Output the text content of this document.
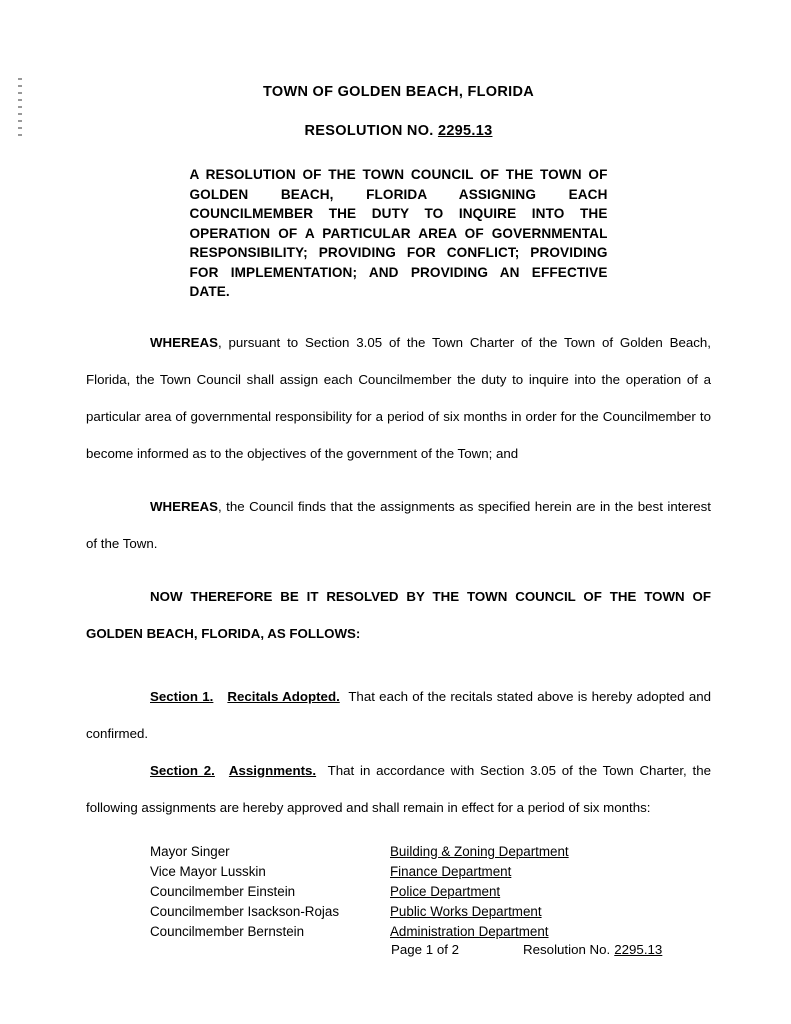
TOWN OF GOLDEN BEACH, FLORIDA
RESOLUTION NO. 2295.13
A RESOLUTION OF THE TOWN COUNCIL OF THE TOWN OF GOLDEN BEACH, FLORIDA ASSIGNING EACH COUNCILMEMBER THE DUTY TO INQUIRE INTO THE OPERATION OF A PARTICULAR AREA OF GOVERNMENTAL RESPONSIBILITY; PROVIDING FOR CONFLICT; PROVIDING FOR IMPLEMENTATION; AND PROVIDING AN EFFECTIVE DATE.

WHEREAS, pursuant to Section 3.05 of the Town Charter of the Town of Golden Beach, Florida, the Town Council shall assign each Councilmember the duty to inquire into the operation of a particular area of governmental responsibility for a period of six months in order for the Councilmember to become informed as to the objectives of the government of the Town; and

WHEREAS, the Council finds that the assignments as specified herein are in the best interest of the Town.

NOW THEREFORE BE IT RESOLVED BY THE TOWN COUNCIL OF THE TOWN OF GOLDEN BEACH, FLORIDA, AS FOLLOWS:

Section 1. Recitals Adopted. That each of the recitals stated above is hereby adopted and confirmed.

Section 2. Assignments. That in accordance with Section 3.05 of the Town Charter, the following assignments are hereby approved and shall remain in effect for a period of six months:

Mayor Singer	Building & Zoning Department
Vice Mayor Lusskin	Finance Department
Councilmember Einstein	Police Department
Councilmember Isackson-Rojas	Public Works Department
Councilmember Bernstein	Administration Department
Page 1 of 2	Resolution No. 2295.13
